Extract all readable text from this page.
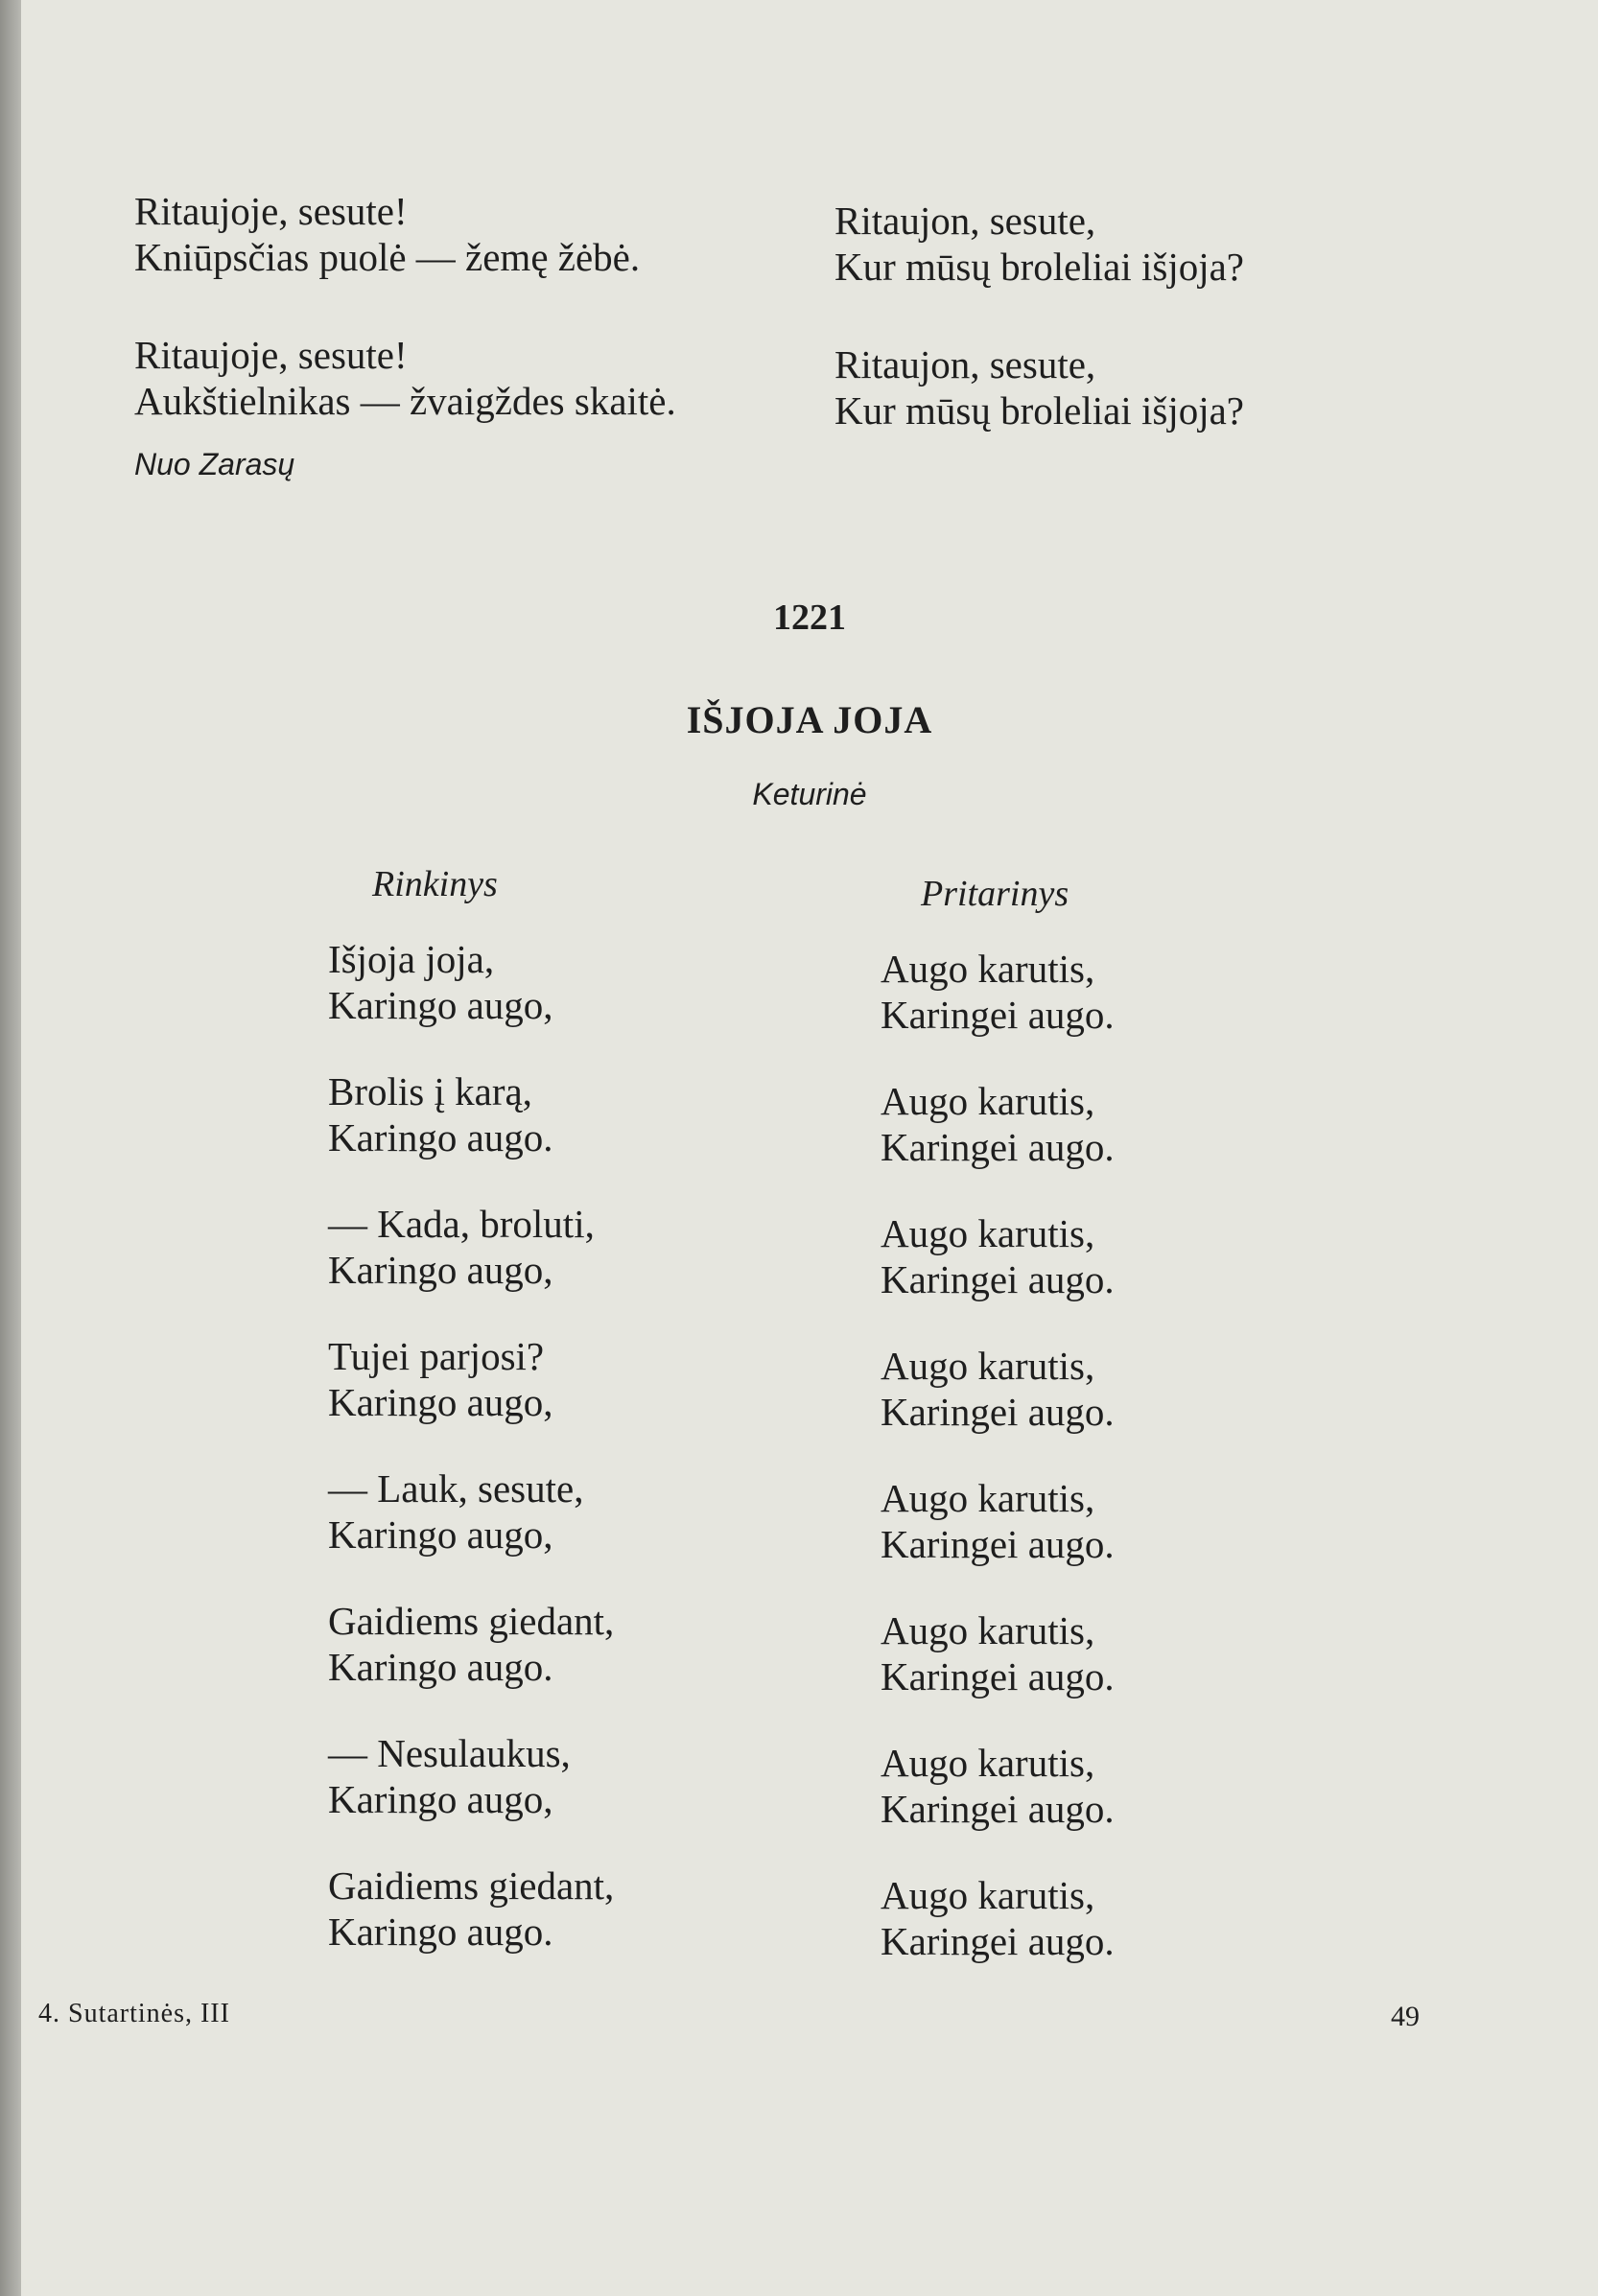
Ritaujoje, sesute!
Kniūpsčias puolė — žemę žėbė.
Ritaujoje, sesute!
Aukštielnikas — žvaigždes skaitė.
Nuo Zarasų
Ritaujon, sesute,
Kur mūsų broleliai išjoja?
Ritaujon, sesute,
Kur mūsų broleliai išjoja?
1221
IŠJOJA JOJA
Keturinė
Rinkinys	Pritarinys
Išjoja joja,
Karingo augo,
Brolis į karą,
Karingo augo.
— Kada, broluti,
Karingo augo,
Tujei parjosi?
Karingo augo,
— Lauk, sesute,
Karingo augo,
Gaidiems giedant,
Karingo augo.
— Nesulaukus,
Karingo augo,
Gaidiems giedant,
Karingo augo.
Augo karutis,
Karingei augo.
Augo karutis,
Karingei augo.
Augo karutis,
Karingei augo.
Augo karutis,
Karingei augo.
Augo karutis,
Karingei augo.
Augo karutis,
Karingei augo.
Augo karutis,
Karingei augo.
Augo karutis,
Karingei augo.
4. Sutartinės, III	49
